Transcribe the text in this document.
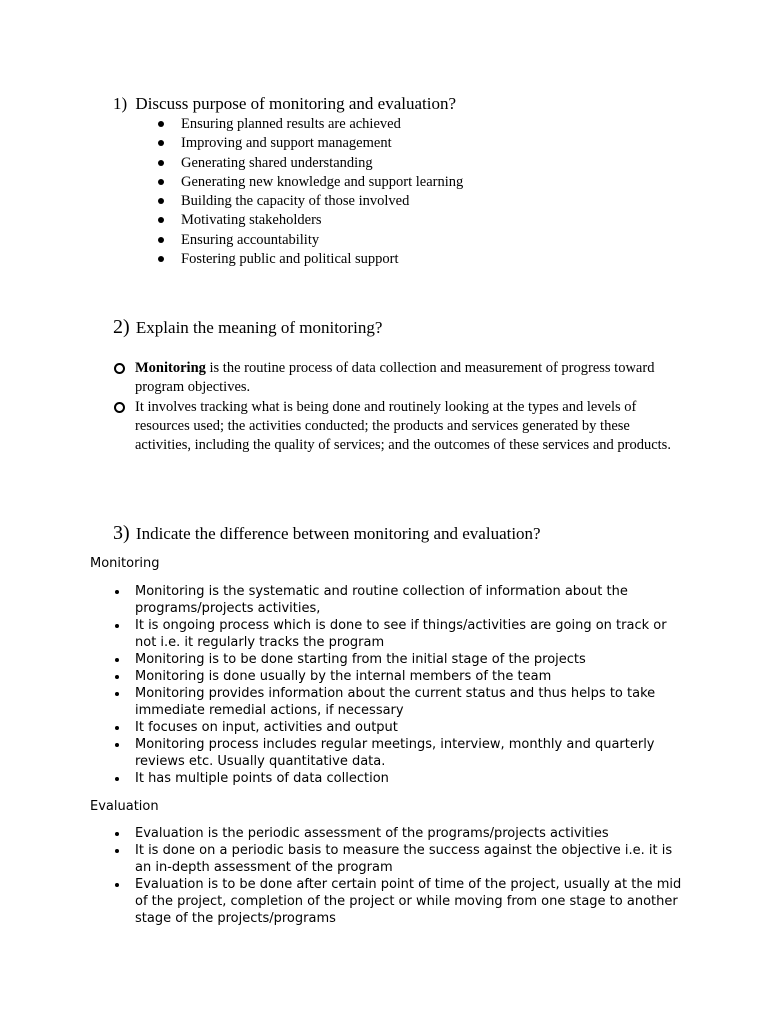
1) Discuss purpose of monitoring and evaluation?
Ensuring planned results are achieved
Improving and support management
Generating shared understanding
Generating new knowledge and support learning
Building the capacity of those involved
Motivating stakeholders
Ensuring accountability
Fostering public and political support
2) Explain the meaning of monitoring?
Monitoring is the routine process of data collection and measurement of progress toward program objectives.
It involves tracking what is being done and routinely looking at the types and levels of resources used; the activities conducted; the products and services generated by these activities, including the quality of services; and the outcomes of these services and products.
3) Indicate the difference between monitoring and evaluation?
Monitoring
Monitoring is the systematic and routine collection of information about the programs/projects activities,
It is ongoing process which is done to see if things/activities are going on track or not i.e. it regularly tracks the program
Monitoring is to be done starting from the initial stage of the projects
Monitoring is done usually by the internal members of the team
Monitoring provides information about the current status and thus helps to take immediate remedial actions, if necessary
It focuses on input, activities and output
Monitoring process includes regular meetings, interview, monthly and quarterly reviews etc. Usually quantitative data.
It has multiple points of data collection
Evaluation
Evaluation is the periodic assessment of the programs/projects activities
It is done on a periodic basis to measure the success against the objective i.e. it is an in-depth assessment of the program
Evaluation is to be done after certain point of time of the project, usually at the mid of the project, completion of the project or while moving from one stage to another stage of the projects/programs
